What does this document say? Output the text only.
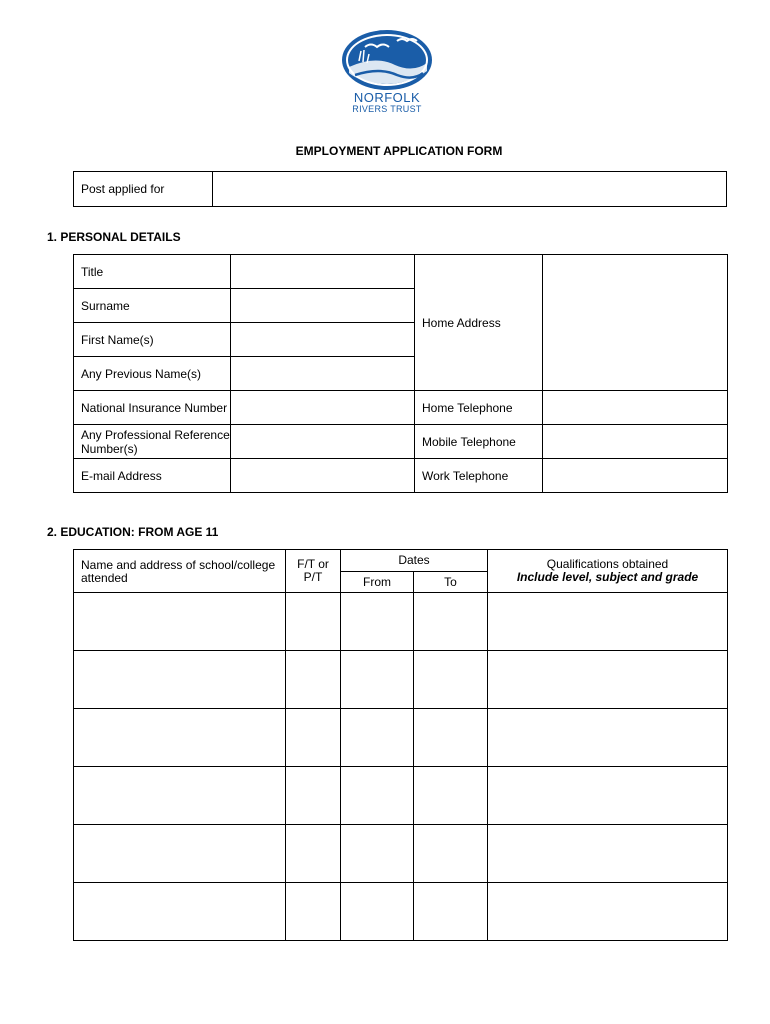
NORFOLK
RIVERS TRUST
EMPLOYMENT APPLICATION FORM
Post applied for	
1. PERSONAL DETAILS
Title		Home Address	
Surname			
First Name(s)			
Any Previous Name(s)			
National Insurance Number		Home Telephone	
Any Professional Reference Number(s)		Mobile Telephone	
E-mail Address		Work Telephone	
2. EDUCATION: FROM AGE 11
Name and address of school/college attended	F/T or P/T	Dates		Qualifications obtained
Include level, subject and grade

		From	To	
